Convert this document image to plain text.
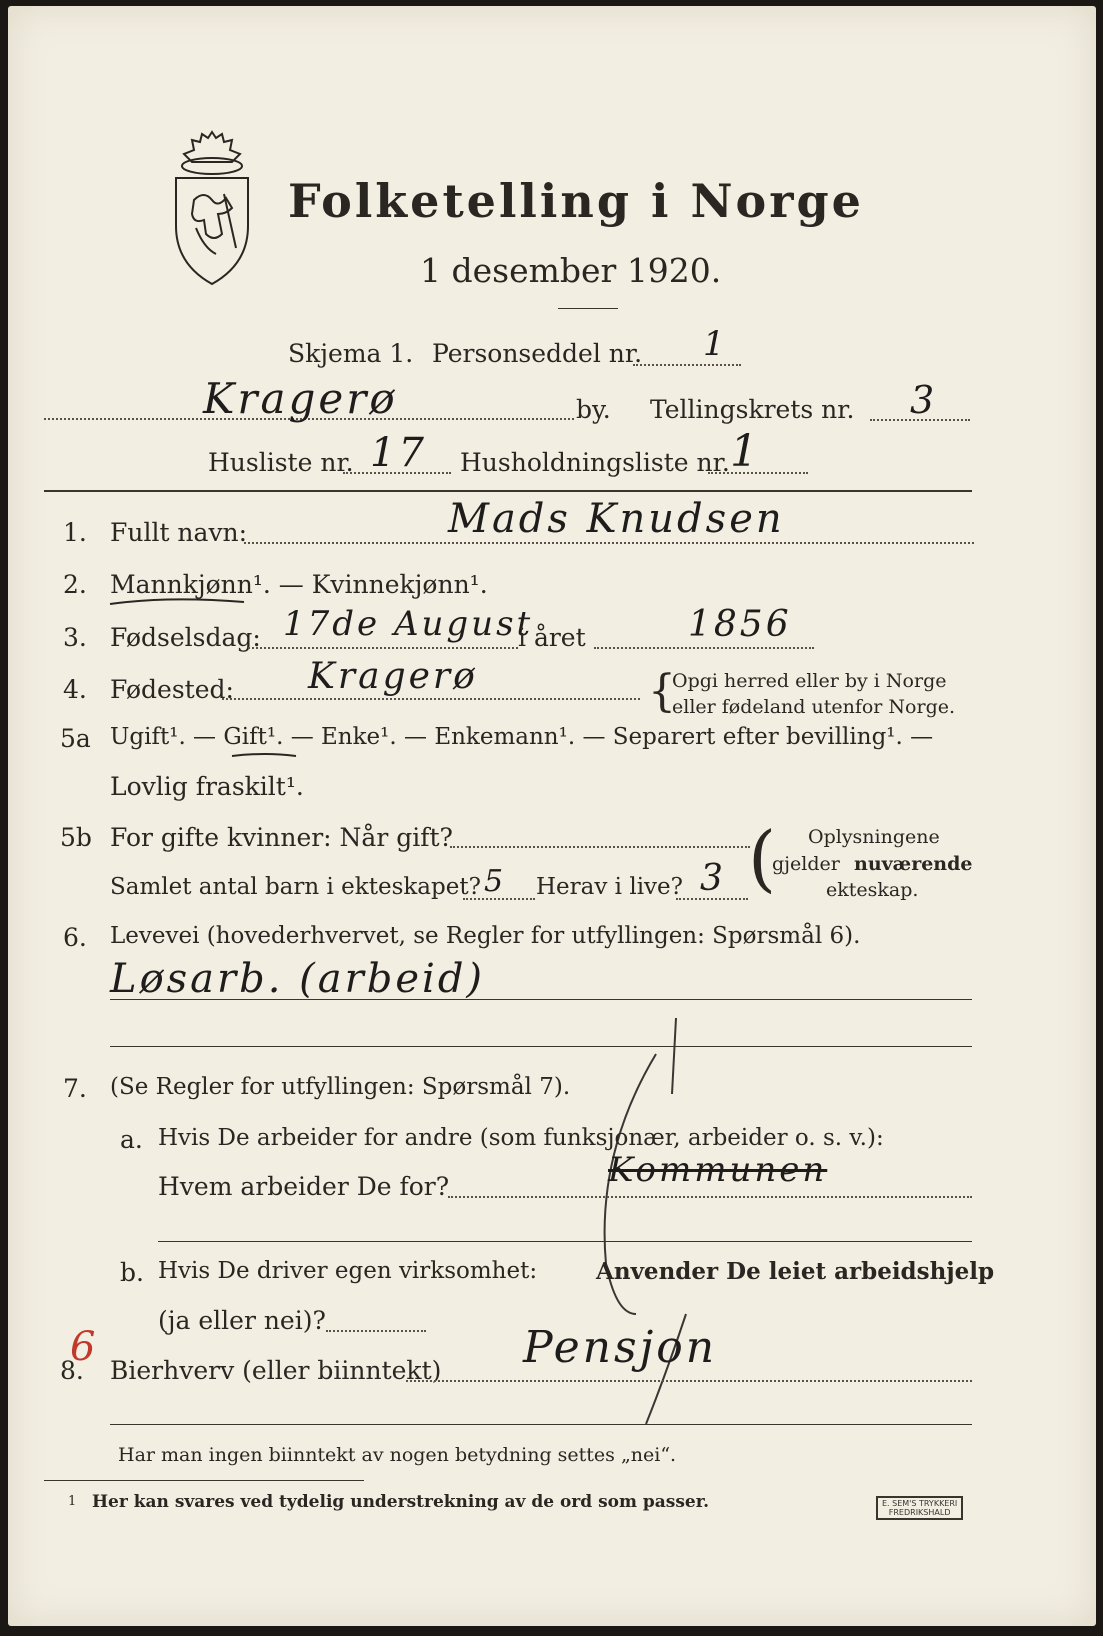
Folketelling i Norge
1 desember 1920.
Skjema 1. Personseddel nr. 1
Kragerø	by. Tellingskrets nr. 3
Husliste nr. 17 Husholdningsliste nr. 1
1. Fullt navn:	Mads Knudsen
2. Mannkjønn¹. — Kvinnekjønn¹.
3. Fødselsdag: 17de August
i året	1856
4. Fødested: Kragerø	{
Opgi herred eller by i Norge
eller fødeland utenfor Norge.
5a Ugift¹. — Gift¹. — Enke¹. — Enkemann¹. — Separert efter bevilling¹. —
Lovlig fraskilt¹.
5b For gifte kvinner: Når gift?
Samlet antal barn i ekteskapet? 5 Herav i live? 3 ( Oplysningene
gjelder nuværende
ekteskap.
6. Levevei (hovederhvervet, se Regler for utfyllingen: Spørsmål 6).
Løsarb. (arbeid)
7. (Se Regler for utfyllingen: Spørsmål 7).
a. Hvis De arbeider for andre (som funksjonær, arbeider o. s. v.):
Hvem arbeider De for?	Kommunen
b. Hvis De driver egen virksomhet:	Anvender De leiet arbeidshjelp
(ja eller nei)?
6
8. Bierhverv (eller biinntekt) Pensjon
Har man ingen biinntekt av nogen betydning settes „nei“.
1 Her kan svares ved tydelig understrekning av de ord som passer.	E. SEM'S TRYKKERI
FREDRIKSHALD
